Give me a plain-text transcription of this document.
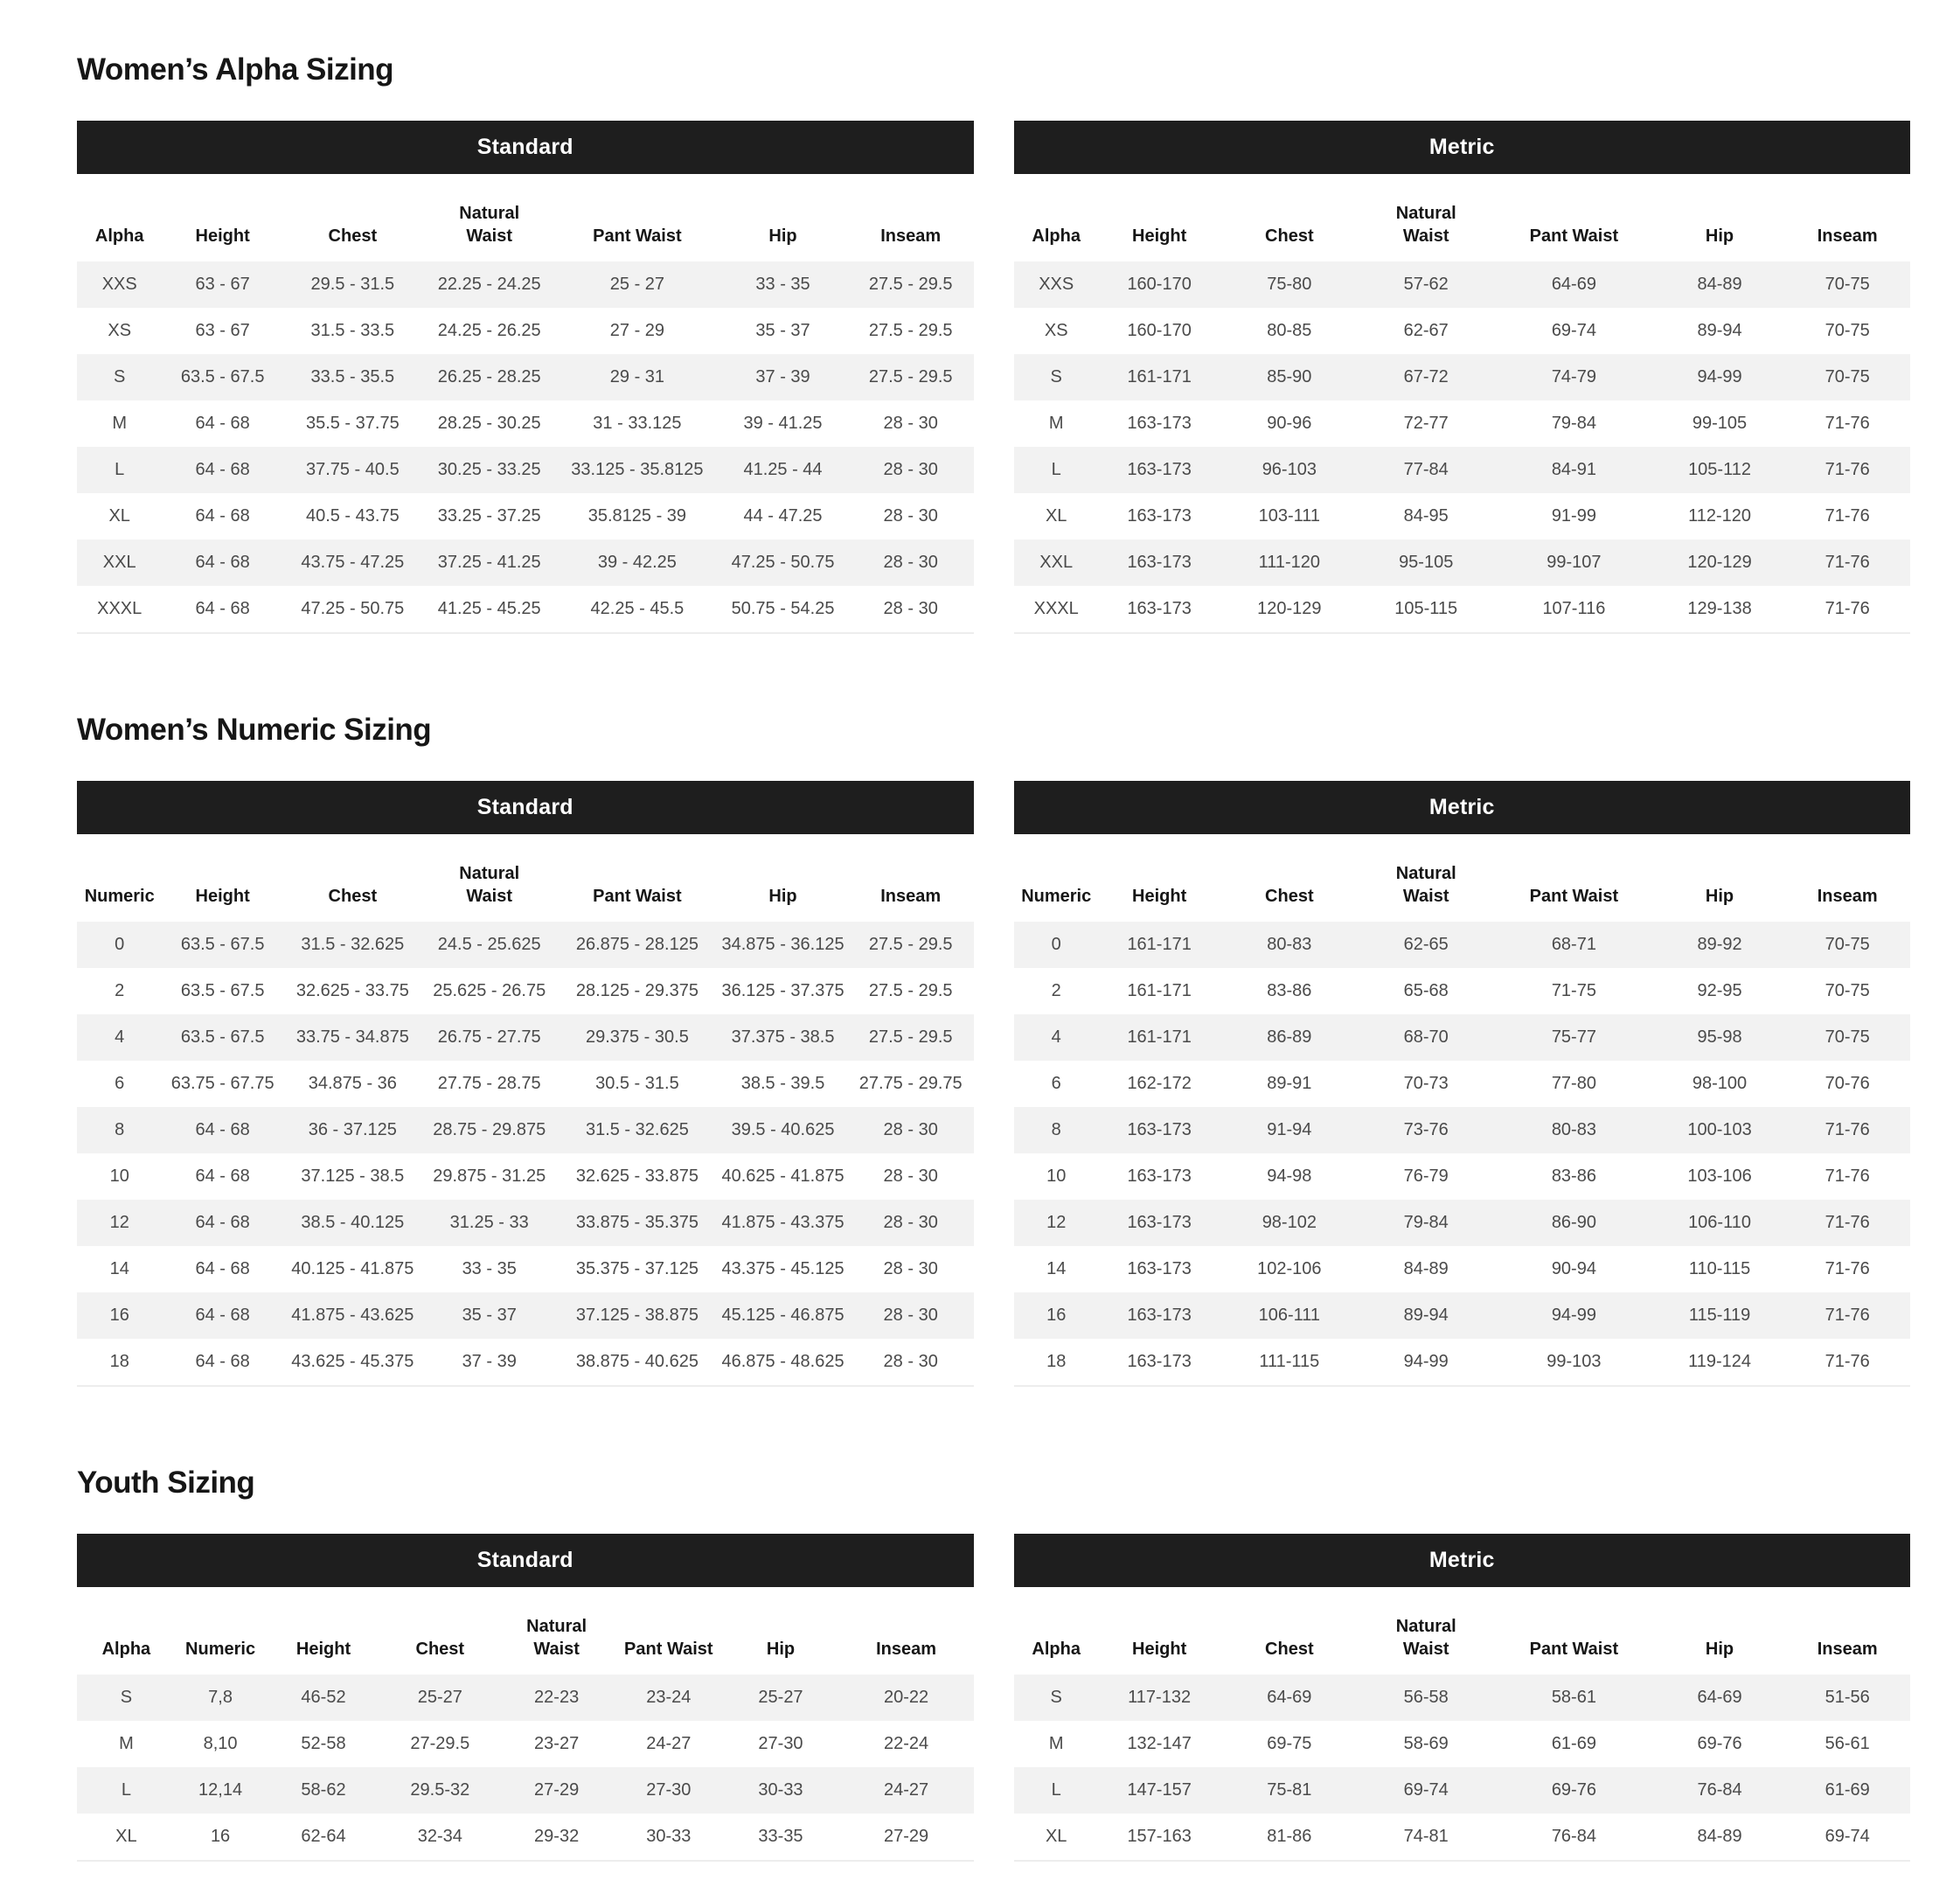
Women’s Alpha Sizing
Standard
Alpha	Height	Chest	Natural Waist	Pant Waist	Hip	Inseam
XXS	63 - 67	29.5 - 31.5	22.25 - 24.25	25 - 27	33 - 35	27.5 - 29.5
XS	63 - 67	31.5 - 33.5	24.25 - 26.25	27 - 29	35 - 37	27.5 - 29.5
S	63.5 - 67.5	33.5 - 35.5	26.25 - 28.25	29 - 31	37 - 39	27.5 - 29.5
M	64 - 68	35.5 - 37.75	28.25 - 30.25	31 - 33.125	39 - 41.25	28 - 30
L	64 - 68	37.75 - 40.5	30.25 - 33.25	33.125 - 35.8125	41.25 - 44	28 - 30
XL	64 - 68	40.5 - 43.75	33.25 - 37.25	35.8125 - 39	44 - 47.25	28 - 30
XXL	64 - 68	43.75 - 47.25	37.25 - 41.25	39 - 42.25	47.25 - 50.75	28 - 30
XXXL	64 - 68	47.25 - 50.75	41.25 - 45.25	42.25 - 45.5	50.75 - 54.25	28 - 30
Metric
Alpha	Height	Chest	Natural Waist	Pant Waist	Hip	Inseam
XXS	160-170	75-80	57-62	64-69	84-89	70-75
XS	160-170	80-85	62-67	69-74	89-94	70-75
S	161-171	85-90	67-72	74-79	94-99	70-75
M	163-173	90-96	72-77	79-84	99-105	71-76
L	163-173	96-103	77-84	84-91	105-112	71-76
XL	163-173	103-111	84-95	91-99	112-120	71-76
XXL	163-173	111-120	95-105	99-107	120-129	71-76
XXXL	163-173	120-129	105-115	107-116	129-138	71-76
Women’s Numeric Sizing
Standard
Numeric	Height	Chest	Natural Waist	Pant Waist	Hip	Inseam
0	63.5 - 67.5	31.5 - 32.625	24.5 - 25.625	26.875 - 28.125	34.875 - 36.125	27.5 - 29.5
2	63.5 - 67.5	32.625 - 33.75	25.625 - 26.75	28.125 - 29.375	36.125 - 37.375	27.5 - 29.5
4	63.5 - 67.5	33.75 - 34.875	26.75 - 27.75	29.375 - 30.5	37.375 - 38.5	27.5 - 29.5
6	63.75 - 67.75	34.875 - 36	27.75 - 28.75	30.5 - 31.5	38.5 - 39.5	27.75 - 29.75
8	64 - 68	36 - 37.125	28.75 - 29.875	31.5 - 32.625	39.5 - 40.625	28 - 30
10	64 - 68	37.125 - 38.5	29.875 - 31.25	32.625 - 33.875	40.625 - 41.875	28 - 30
12	64 - 68	38.5 - 40.125	31.25 - 33	33.875 - 35.375	41.875 - 43.375	28 - 30
14	64 - 68	40.125 - 41.875	33 - 35	35.375 - 37.125	43.375 - 45.125	28 - 30
16	64 - 68	41.875 - 43.625	35 - 37	37.125 - 38.875	45.125 - 46.875	28 - 30
18	64 - 68	43.625 - 45.375	37 - 39	38.875 - 40.625	46.875 - 48.625	28 - 30
Metric
Numeric	Height	Chest	Natural Waist	Pant Waist	Hip	Inseam
0	161-171	80-83	62-65	68-71	89-92	70-75
2	161-171	83-86	65-68	71-75	92-95	70-75
4	161-171	86-89	68-70	75-77	95-98	70-75
6	162-172	89-91	70-73	77-80	98-100	70-76
8	163-173	91-94	73-76	80-83	100-103	71-76
10	163-173	94-98	76-79	83-86	103-106	71-76
12	163-173	98-102	79-84	86-90	106-110	71-76
14	163-173	102-106	84-89	90-94	110-115	71-76
16	163-173	106-111	89-94	94-99	115-119	71-76
18	163-173	111-115	94-99	99-103	119-124	71-76
Youth Sizing
Standard
Alpha	Numeric	Height	Chest	Natural Waist	Pant Waist	Hip	Inseam
S	7,8	46-52	25-27	22-23	23-24	25-27	20-22
M	8,10	52-58	27-29.5	23-27	24-27	27-30	22-24
L	12,14	58-62	29.5-32	27-29	27-30	30-33	24-27
XL	16	62-64	32-34	29-32	30-33	33-35	27-29
Metric
Alpha	Height	Chest	Natural Waist	Pant Waist	Hip	Inseam
S	117-132	64-69	56-58	58-61	64-69	51-56
M	132-147	69-75	58-69	61-69	69-76	56-61
L	147-157	75-81	69-74	69-76	76-84	61-69
XL	157-163	81-86	74-81	76-84	84-89	69-74
